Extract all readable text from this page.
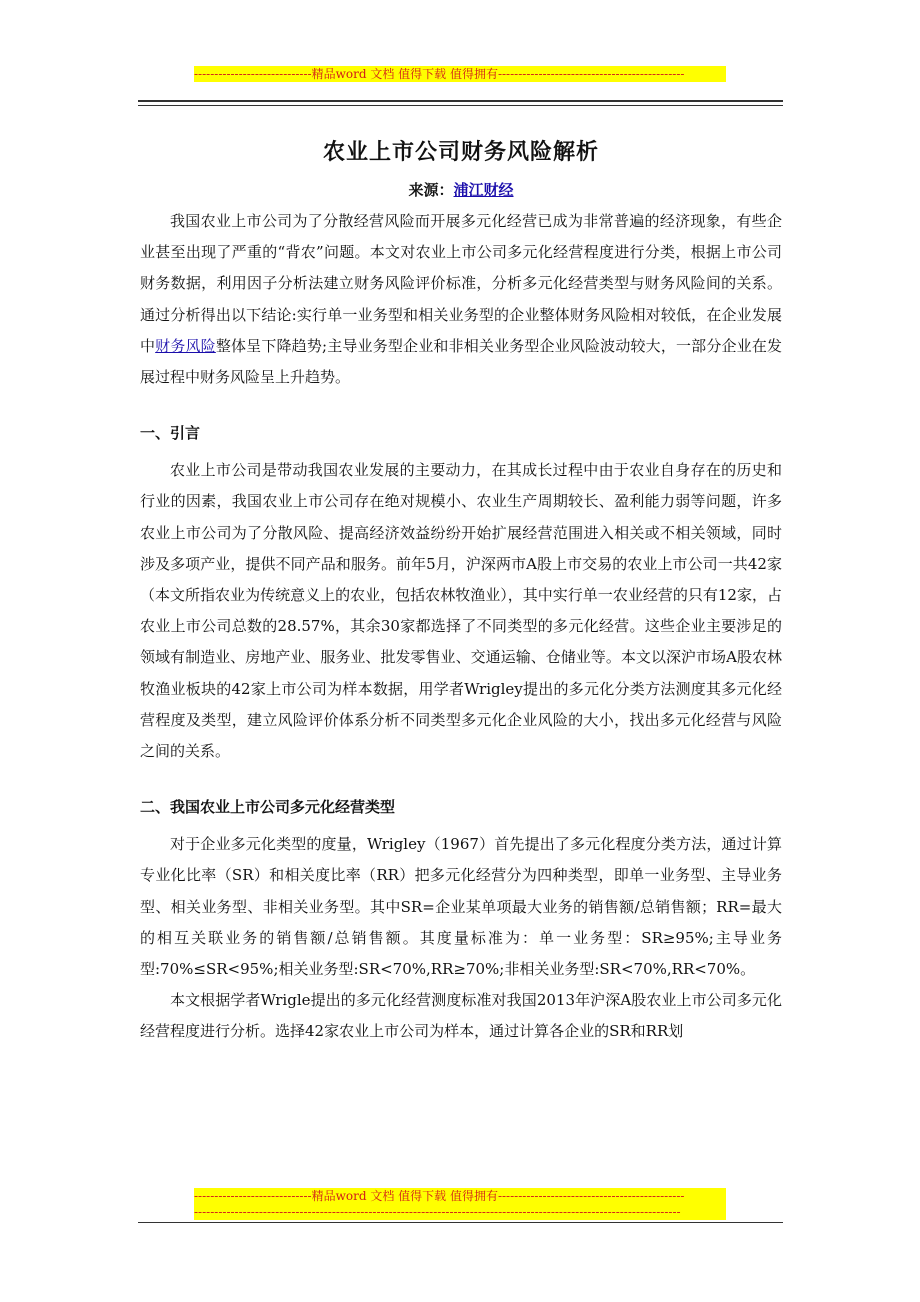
-----------------------------精品word 文档 值得下载 值得拥有----------------------------------------------
农业上市公司财务风险解析
来源：浦江财经

我国农业上市公司为了分散经营风险而开展多元化经营已成为非常普遍的经济现象，有些企业甚至出现了严重的“背农”问题。本文对农业上市公司多元化经营程度进行分类，根据上市公司财务数据，利用因子分析法建立财务风险评价标准，分析多元化经营类型与财务风险间的关系。通过分析得出以下结论:实行单一业务型和相关业务型的企业整体财务风险相对较低，在企业发展中财务风险整体呈下降趋势;主导业务型企业和非相关业务型企业风险波动较大，一部分企业在发展过程中财务风险呈上升趋势。

一、引言

农业上市公司是带动我国农业发展的主要动力，在其成长过程中由于农业自身存在的历史和行业的因素，我国农业上市公司存在绝对规模小、农业生产周期较长、盈利能力弱等问题，许多农业上市公司为了分散风险、提高经济效益纷纷开始扩展经营范围进入相关或不相关领域，同时涉及多项产业，提供不同产品和服务。前年5月，沪深两市A股上市交易的农业上市公司一共42家（本文所指农业为传统意义上的农业，包括农林牧渔业），其中实行单一农业经营的只有12家，占农业上市公司总数的28.57%，其余30家都选择了不同类型的多元化经营。这些企业主要涉足的领域有制造业、房地产业、服务业、批发零售业、交通运输、仓储业等。本文以深沪市场A股农林牧渔业板块的42家上市公司为样本数据，用学者Wrigley提出的多元化分类方法测度其多元化经营程度及类型，建立风险评价体系分析不同类型多元化企业风险的大小，找出多元化经营与风险之间的关系。

二、我国农业上市公司多元化经营类型

对于企业多元化类型的度量，Wrigley（1967）首先提出了多元化程度分类方法，通过计算专业化比率（SR）和相关度比率（RR）把多元化经营分为四种类型，即单一业务型、主导业务型、相关业务型、非相关业务型。其中SR=企业某单项最大业务的销售额/总销售额；RR=最大的相互关联业务的销售额/总销售额。其度量标准为：单一业务型：SR≥95%;主导业务型:70%≤SR<95%;相关业务型:SR<70%,RR≥70%;非相关业务型:SR<70%,RR<70%。

本文根据学者Wrigle提出的多元化经营测度标准对我国2013年沪深A股农业上市公司多元化经营程度进行分析。选择42家农业上市公司为样本，通过计算各企业的SR和RR划

-----------------------------精品word 文档 值得下载 值得拥有----------------------------------------------
------------------------------------------------------------------------------------------------------------------------
